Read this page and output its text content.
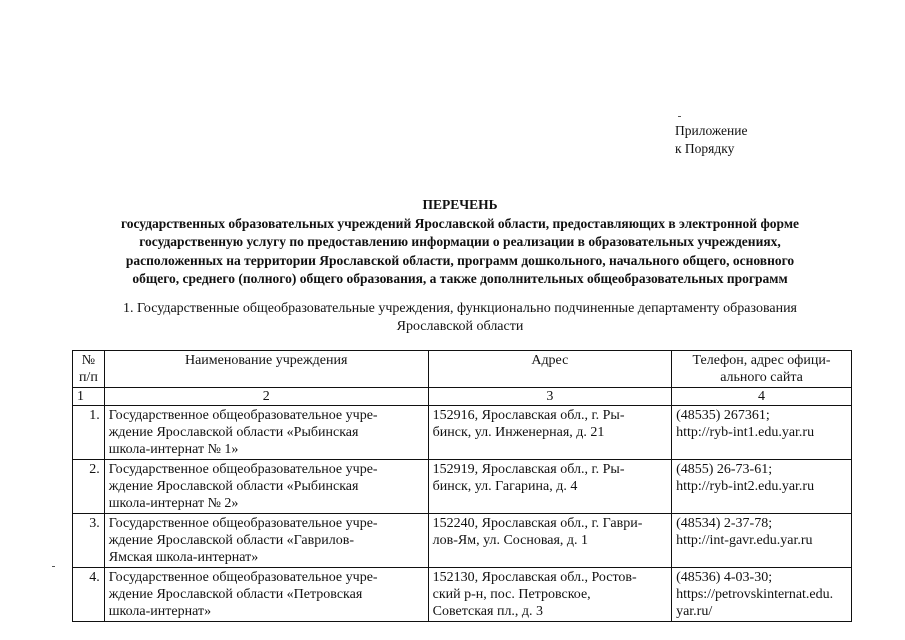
Приложение
к Порядку
ПЕРЕЧЕНЬ
государственных образовательных учреждений Ярославской области, предоставляющих в электронной форме
государственную услугу по предоставлению информации о реализации в образовательных учреждениях,
расположенных на территории Ярославской области, программ дошкольного, начального общего, основного
общего, среднего (полного) общего образования, а также дополнительных общеобразовательных программ
1. Государственные общеобразовательные учреждения, функционально подчиненные департаменту образования
Ярославской области
№
п/п	Наименование учреждения	Адрес	Телефон, адрес офици-
ального сайта

1	2	3	4
1.	Государственное общеобразовательное учре-
ждение Ярославской области «Рыбинская
школа-интернат № 1»	152916, Ярославская обл., г. Ры-
бинск, ул. Инженерная, д. 21	(48535) 267361;
http://ryb-int1.edu.yar.ru

2.	Государственное общеобразовательное учре-
ждение Ярославской области «Рыбинская
школа-интернат № 2»	152919, Ярославская обл., г. Ры-
бинск, ул. Гагарина, д. 4	(4855) 26-73-61;
http://ryb-int2.edu.yar.ru

3.	Государственное общеобразовательное учре-
ждение Ярославской области «Гаврилов-
Ямская школа-интернат»	152240, Ярославская обл., г. Гаври-
лов-Ям, ул. Сосновая, д. 1	(48534) 2-37-78;
http://int-gavr.edu.yar.ru

4.	Государственное общеобразовательное учре-
ждение Ярославской области «Петровская
школа-интернат»	152130, Ярославская обл., Ростов-
ский р-н, пос. Петровское,
Советская пл., д. 3	(48536) 4-03-30;
https://petrovskinternat.edu.
yar.ru/
